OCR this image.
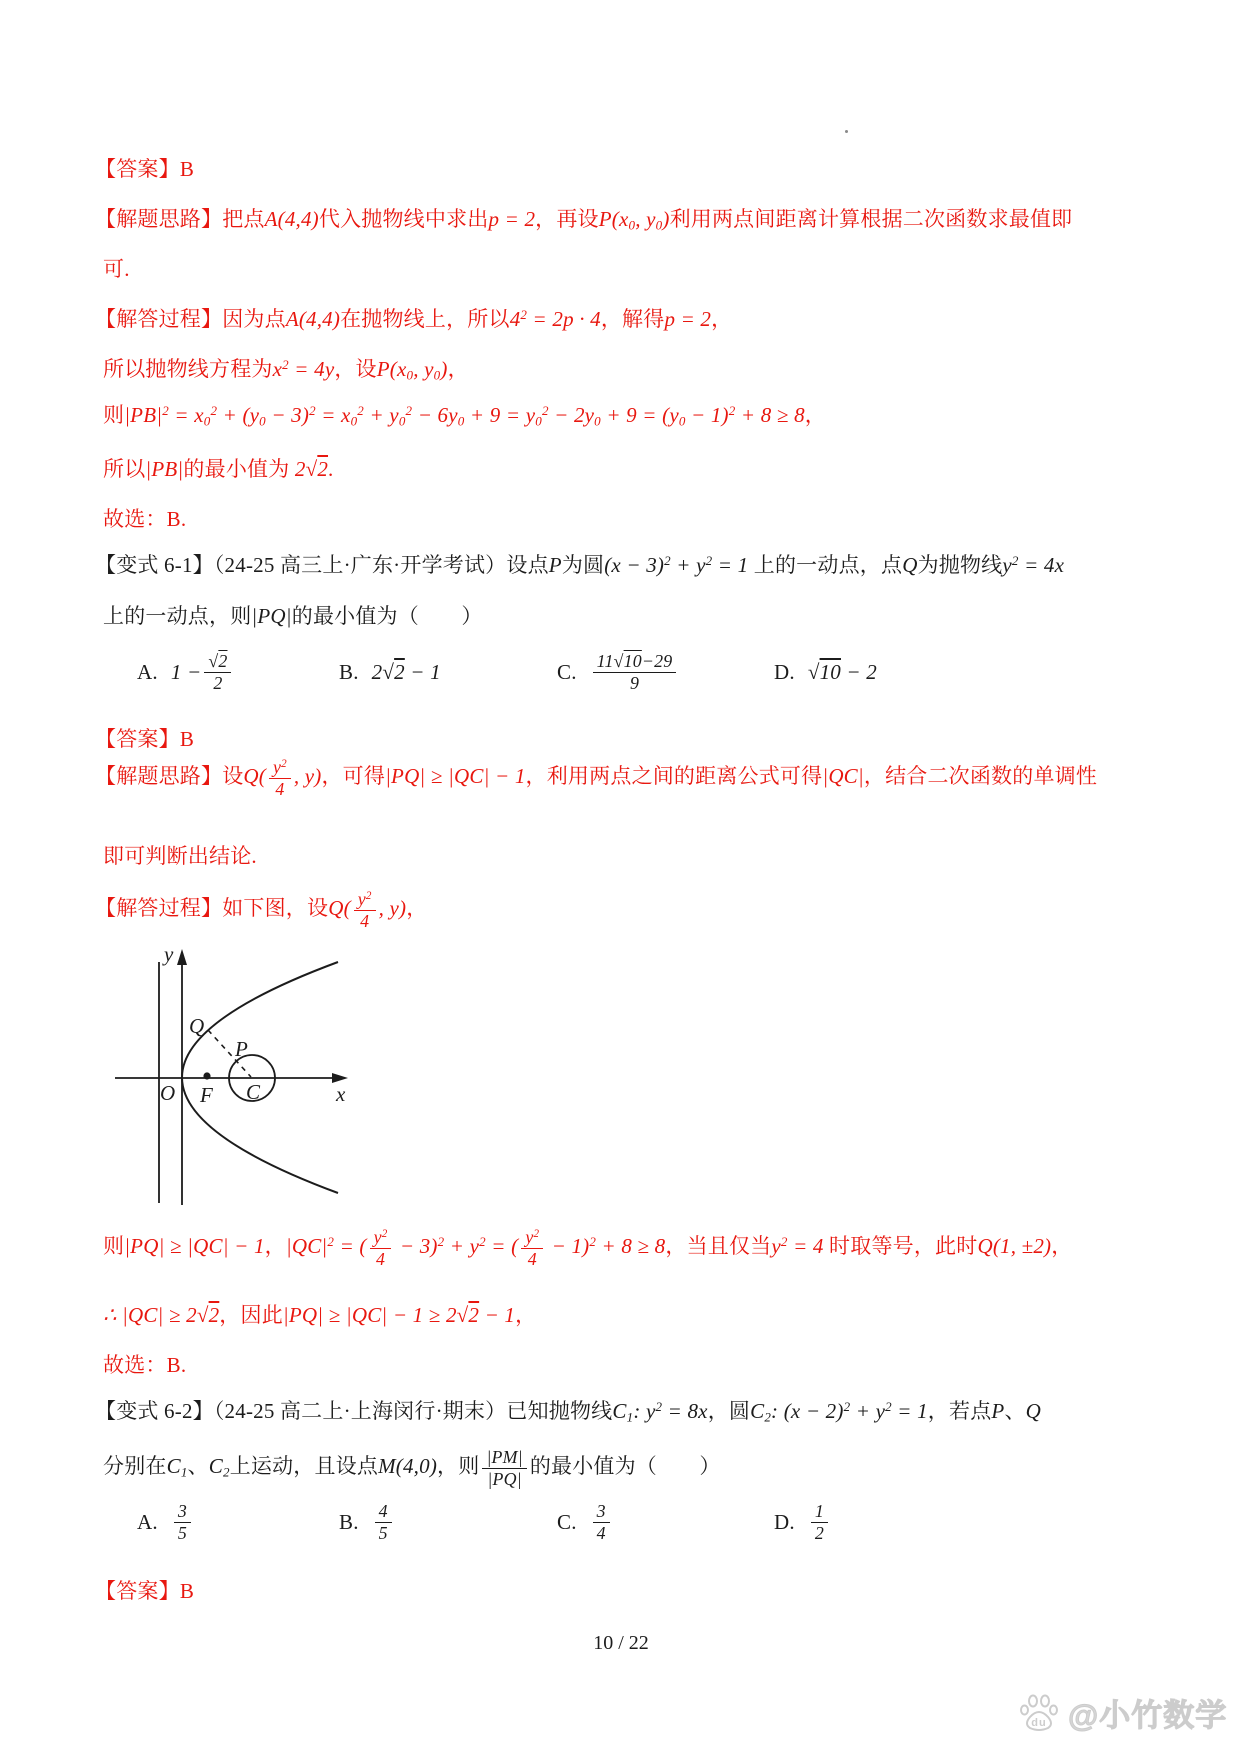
【答案】B
【解题思路】把点A(4,4)代入抛物线中求出p = 2，再设$P(x_0$, $y_0$)利用两点间距离计算根据二次函数求最值即
可.
【解答过程】因为点A(4,4)在抛物线上，所以$4^2 = 2p \cdot 4$，解得p = 2，
所以抛物线方程为$x^2 = 4y$，设$P(x_0$, $y_0$)，
则$|PB|^2 = x_0^2 + (y_0 - 3)^2 = x_0^2 + y_0^2 - 6y_0 + 9 = y_0^2 - 2y_0 + 9 = (y_0 - 1)^2 + 8 \ge 8$，
所以|PB|的最小值为 2√2.
故选：B.
【变式 6-1】（24-25 高三上·广东·开学考试）设点P为圆$(x - 3)^2 + y^2 = 1$ 上的一动点，点Q为抛物线$y^2 = 4x$
上的一动点，则|PQ|的最小值为（　　）
A. $1 - \frac{√2}{2}$	B. 2√2 − 1	C. $\frac{11√10-29}{9}$	D. √10 − 2
【答案】B
【解题思路】设$Q( \frac{y^2}{4}$ , y)，可得|PQ| ≥ |QC| − 1，利用两点之间的距离公式可得|QC|，结合二次函数的单调性
即可判断出结论.
【解答过程】如下图，设$Q( \frac{y^2}{4}$ , y)，
y
x
O F C
Q
P
则|PQ| ≥ |QC| − 1，$|QC|^2$ = ( $\frac{y^2}{4} - 3)^2 + y^2$ = ( $\frac{y^2}{4} - 1)^2 + 8 \ge 8$，当且仅当$y^2 = 4$ 时取等号，此时Q(1, ±2)，
∴ |QC| ≥ 2√2，因此|PQ| ≥ |QC| − 1 ≥ 2√2 − 1，
故选：B.
【变式 6-2】（24-25 高二上·上海闵行·期末）已知抛物线$C_1$: $y^2 = 8x$，圆$C_2$: $(x - 2)^2 + y^2 = 1$，若点P、Q
分别在$C_1$、$C_2$上运动，且设点M(4,0)，则 $\frac{|PM|}{|PQ|}$ 的最小值为（　　）
A. $\frac{3}{5}$	B. $\frac{4}{5}$	C. $\frac{3}{4}$	D. $\frac{1}{2}$
【答案】B
10 / 22
du @小竹数学
